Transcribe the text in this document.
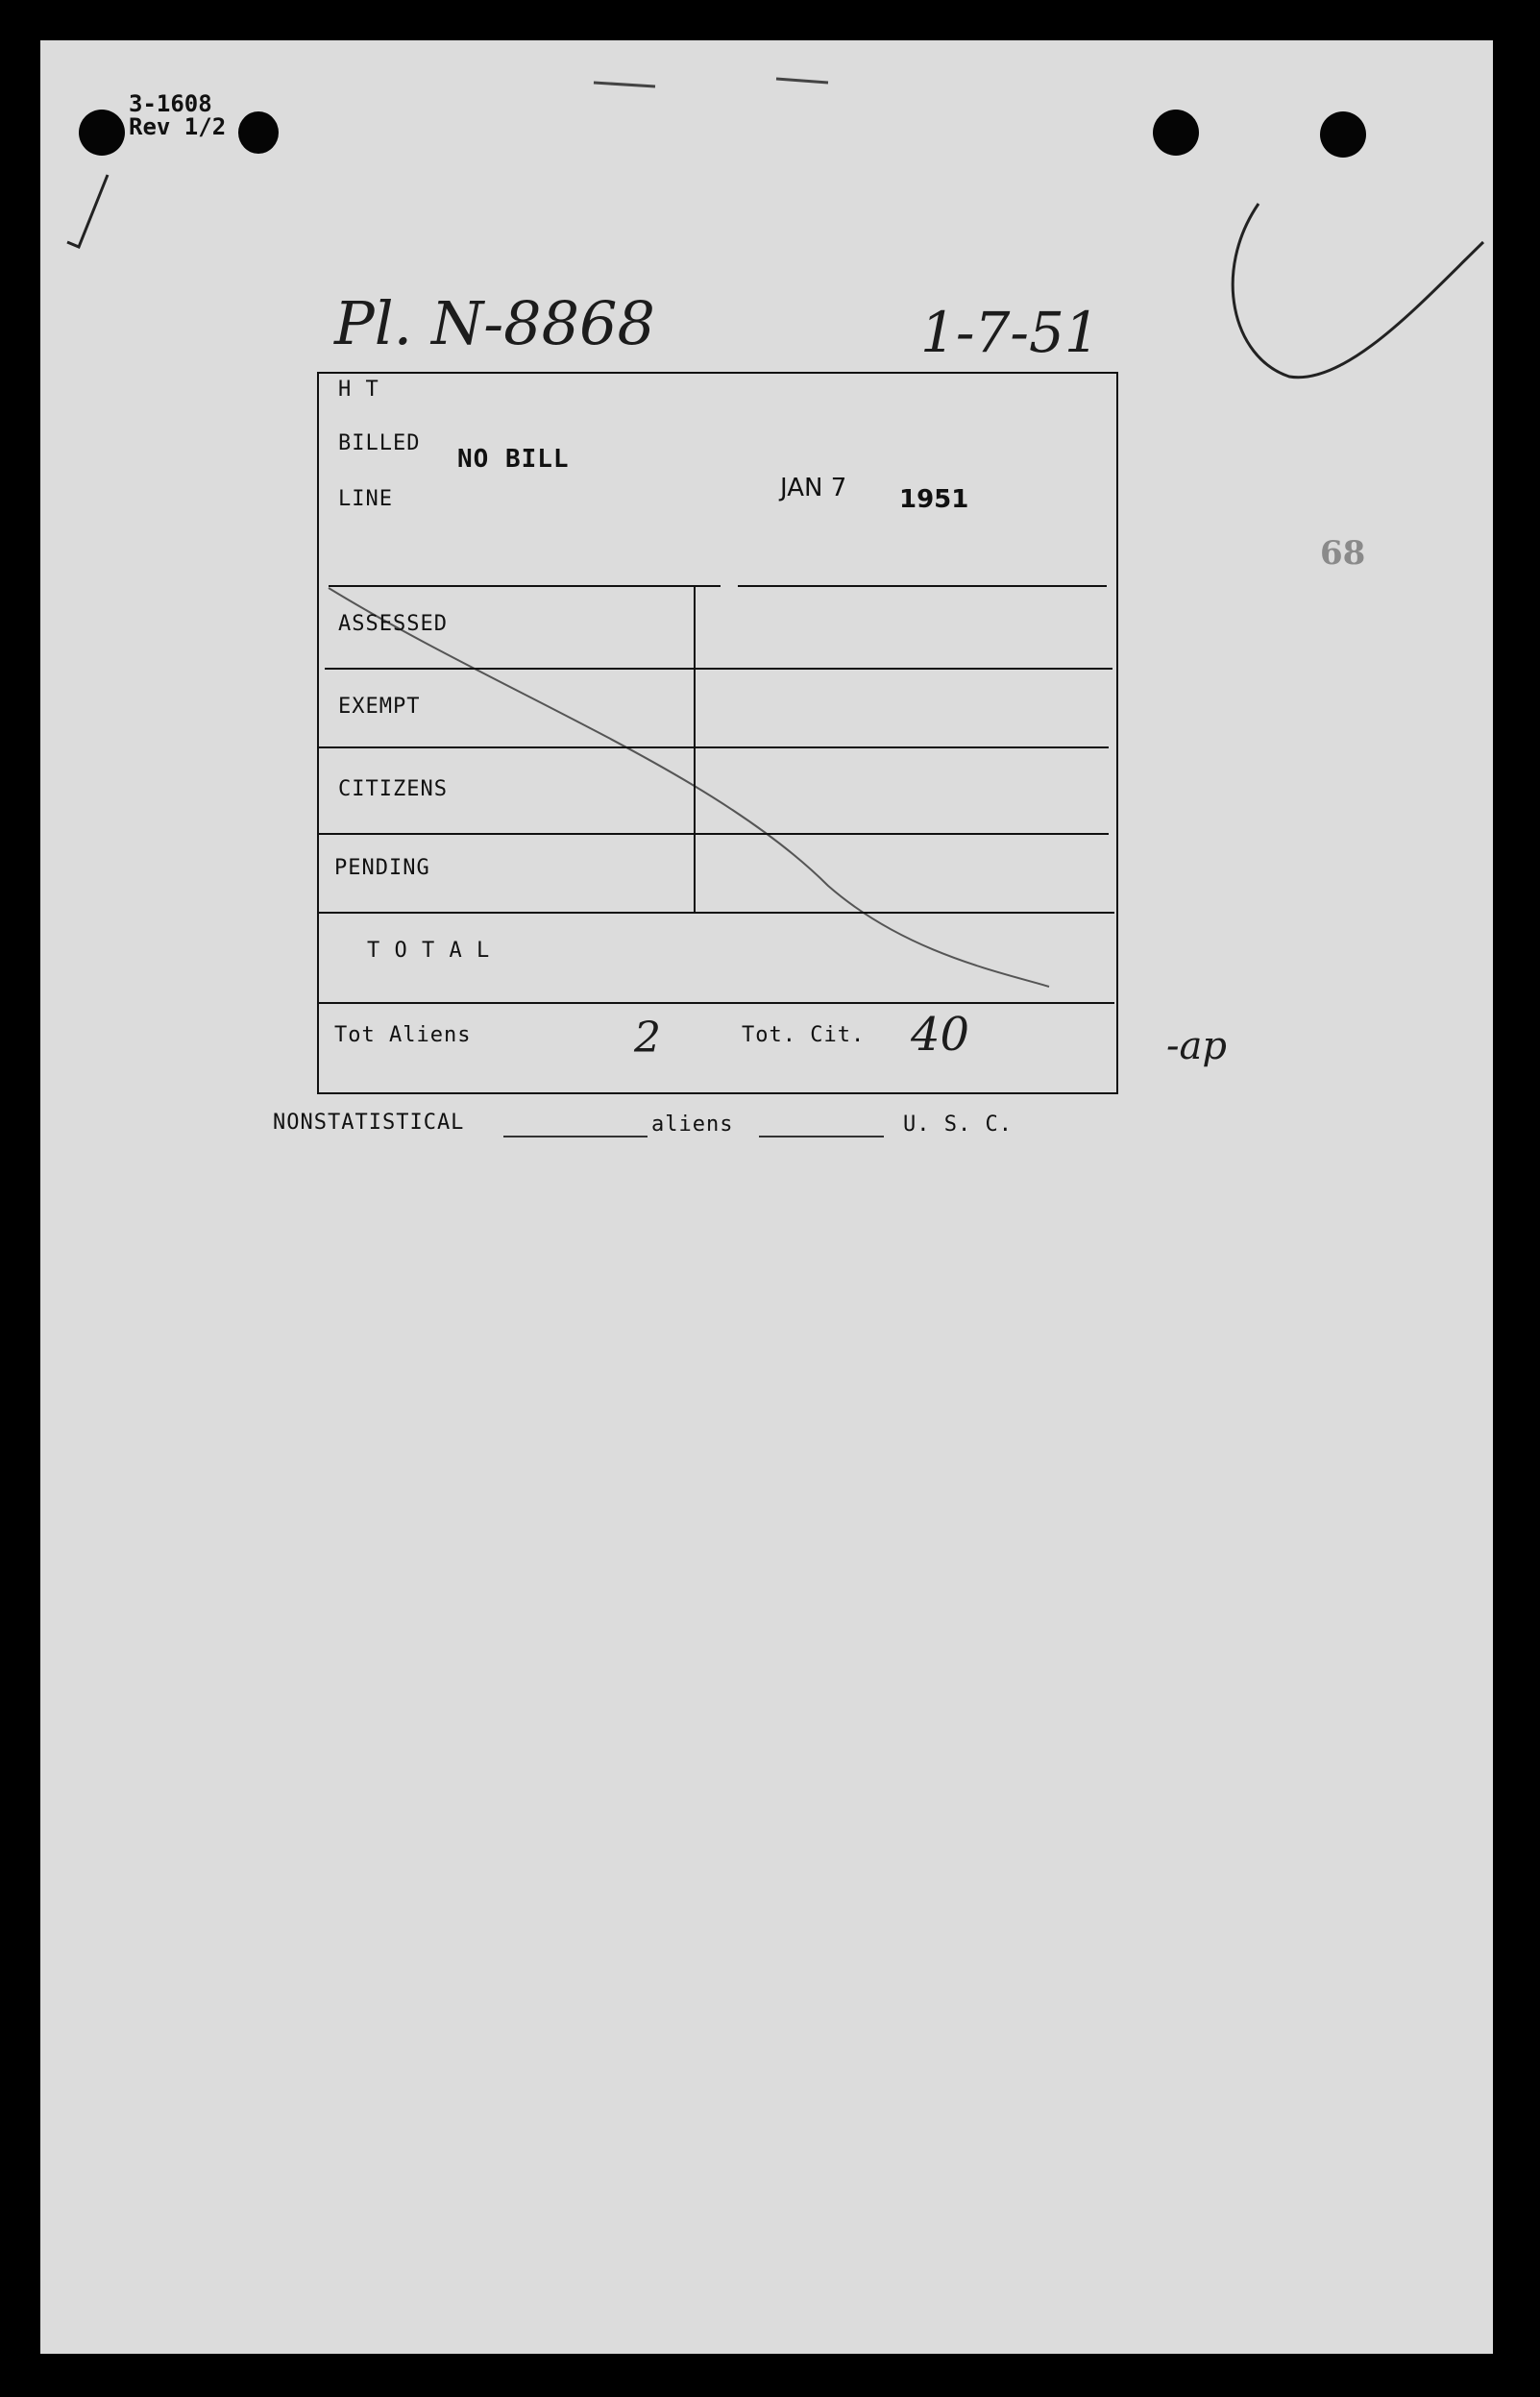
3-1608
Rev 1/2
Pl. N-8868	1-7-51
68
H T
BILLED
NO BILL
LINE	JAN 7 1951
ASSESSED
EXEMPT
CITIZENS
PENDING
T O T A L
Tot Aliens	2	Tot. Cit. 40	-ap
NONSTATISTICAL	aliens	U. S. C.
